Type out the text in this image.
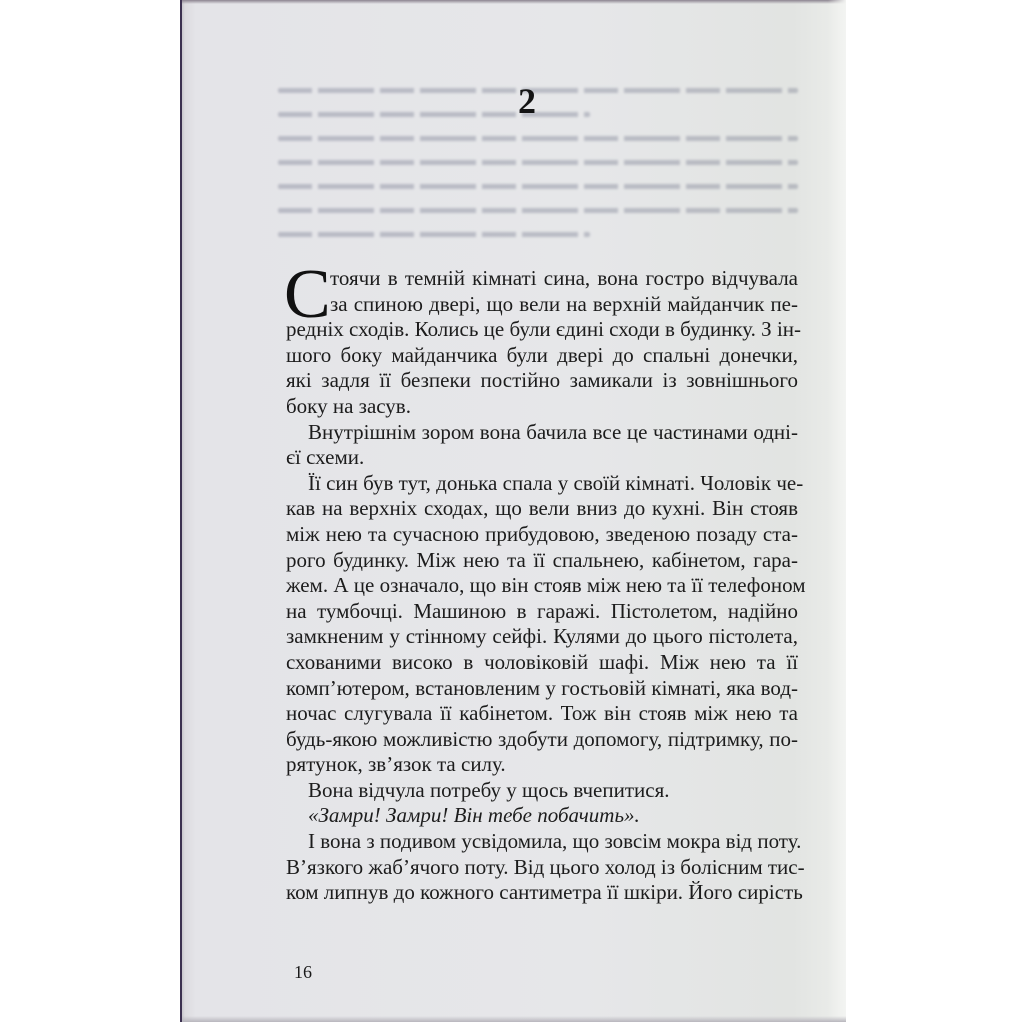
2
С тоячи в темній кімнаті сина, вона гостро відчувала
за спиною двері, що вели на верхній майданчик пе-
редніх сходів. Колись це були єдині сходи в будинку. З ін-
шого боку майданчика були двері до спальні донечки,
які задля її безпеки постійно замикали із зовнішнього
боку на засув.
Внутрішнім зором вона бачила все це частинами одні-
єї схеми.
Її син був тут, донька спала у своїй кімнаті. Чоловік че-
кав на верхніх сходах, що вели вниз до кухні. Він стояв
між нею та сучасною прибудовою, зведеною позаду ста-
рого будинку. Між нею та її спальнею, кабінетом, гара-
жем. А це означало, що він стояв між нею та її телефоном
на тумбочці. Машиною в гаражі. Пістолетом, надійно
замкненим у стінному сейфі. Кулями до цього пістолета,
схованими високо в чоловіковій шафі. Між нею та її
комп’ютером, встановленим у гостьовій кімнаті, яка вод-
ночас слугувала її кабінетом. Тож він стояв між нею та
будь-якою можливістю здобути допомогу, підтримку, по-
рятунок, зв’язок та силу.
Вона відчула потребу у щось вчепитися.
«Замри! Замри! Він тебе побачить».
І вона з подивом усвідомила, що зовсім мокра від поту.
В’язкого жаб’ячого поту. Від цього холод із болісним тис-
ком липнув до кожного сантиметра її шкіри. Його сирість
16
